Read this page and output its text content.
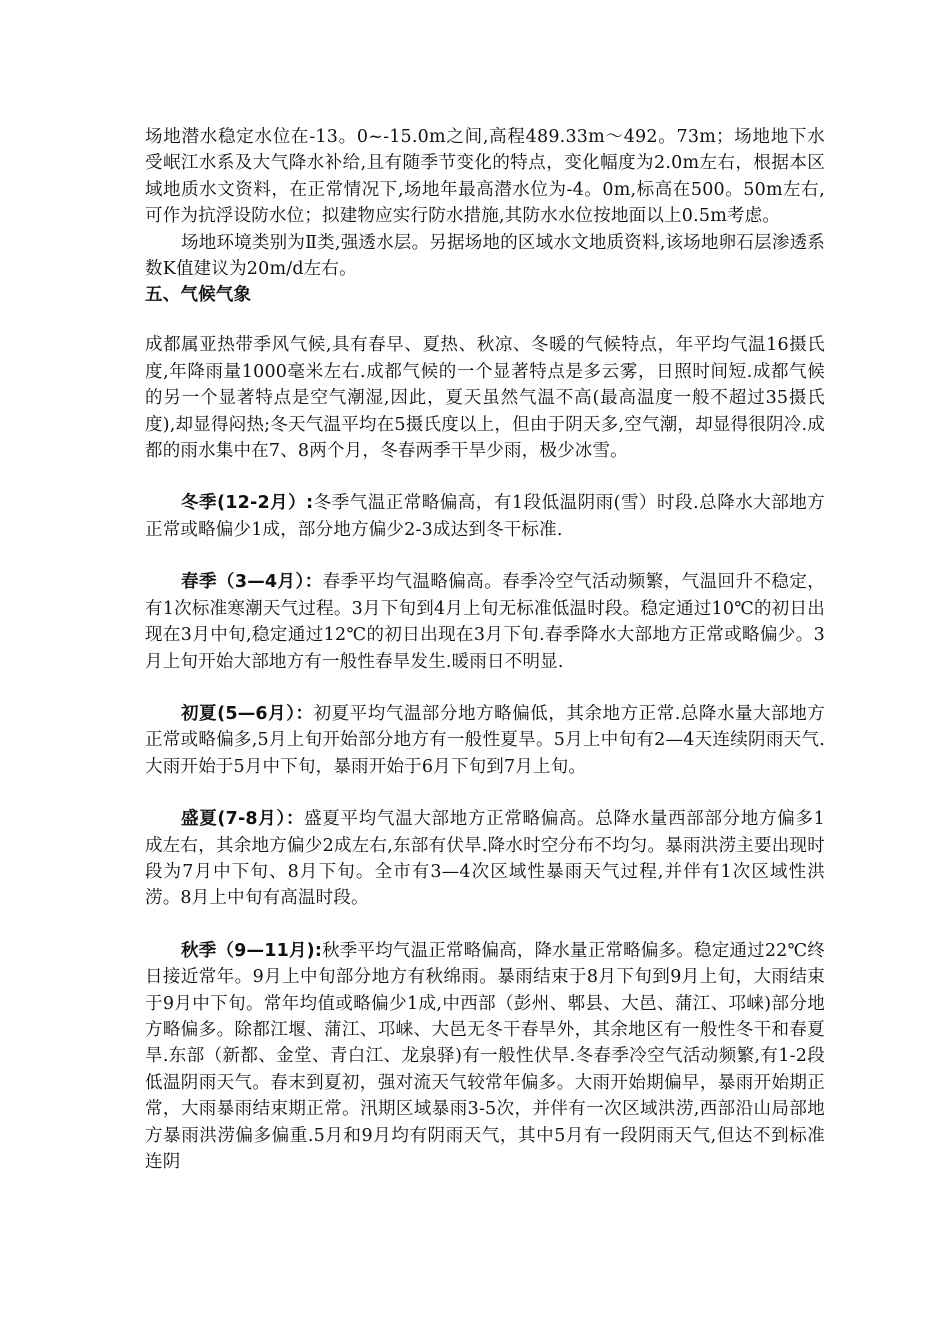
场地潜水稳定水位在-13。0~-15.0m之间,高程489.33m～492。73m；场地地下水受岷江水系及大气降水补给,且有随季节变化的特点，变化幅度为2.0m左右，根据本区域地质水文资料，在正常情况下,场地年最高潜水位为-4。0m,标高在500。50m左右,可作为抗浮设防水位；拟建物应实行防水措施,其防水水位按地面以上0.5m考虑。

场地环境类别为Ⅱ类,强透水层。另据场地的区域水文地质资料,该场地卵石层渗透系数K值建议为20m/d左右。

五、气候气象

成都属亚热带季风气候,具有春早、夏热、秋凉、冬暖的气候特点，年平均气温16摄氏度,年降雨量1000毫米左右.成都气候的一个显著特点是多云雾，日照时间短.成都气候的另一个显著特点是空气潮湿,因此，夏天虽然气温不高(最高温度一般不超过35摄氏度),却显得闷热;冬天气温平均在5摄氏度以上，但由于阴天多,空气潮，却显得很阴冷.成都的雨水集中在7、8两个月，冬春两季干旱少雨，极少冰雪。

冬季(12-2月）:冬季气温正常略偏高，有1段低温阴雨(雪）时段.总降水大部地方正常或略偏少1成，部分地方偏少2-3成达到冬干标准.

春季（3—4月）：春季平均气温略偏高。春季冷空气活动频繁，气温回升不稳定，有1次标准寒潮天气过程。3月下旬到4月上旬无标准低温时段。稳定通过10℃的初日出现在3月中旬,稳定通过12℃的初日出现在3月下旬.春季降水大部地方正常或略偏少。3月上旬开始大部地方有一般性春旱发生.暖雨日不明显.

初夏(5—6月）：初夏平均气温部分地方略偏低，其余地方正常.总降水量大部地方正常或略偏多,5月上旬开始部分地方有一般性夏旱。5月上中旬有2—4天连续阴雨天气.大雨开始于5月中下旬，暴雨开始于6月下旬到7月上旬。

盛夏(7-8月）：盛夏平均气温大部地方正常略偏高。总降水量西部部分地方偏多1成左右，其余地方偏少2成左右,东部有伏旱.降水时空分布不均匀。暴雨洪涝主要出现时段为7月中下旬、8月下旬。全市有3—4次区域性暴雨天气过程,并伴有1次区域性洪涝。8月上中旬有高温时段。

秋季（9—11月):秋季平均气温正常略偏高，降水量正常略偏多。稳定通过22℃终日接近常年。9月上中旬部分地方有秋绵雨。暴雨结束于8月下旬到9月上旬，大雨结束于9月中下旬。常年均值或略偏少1成,中西部（彭州、郫县、大邑、蒲江、邛崃)部分地方略偏多。除都江堰、蒲江、邛崃、大邑无冬干春旱外，其余地区有一般性冬干和春夏旱.东部（新都、金堂、青白江、龙泉驿)有一般性伏旱.冬春季冷空气活动频繁,有1-2段低温阴雨天气。春末到夏初，强对流天气较常年偏多。大雨开始期偏早，暴雨开始期正常，大雨暴雨结束期正常。汛期区域暴雨3-5次，并伴有一次区域洪涝,西部沿山局部地方暴雨洪涝偏多偏重.5月和9月均有阴雨天气，其中5月有一段阴雨天气,但达不到标准连阴
